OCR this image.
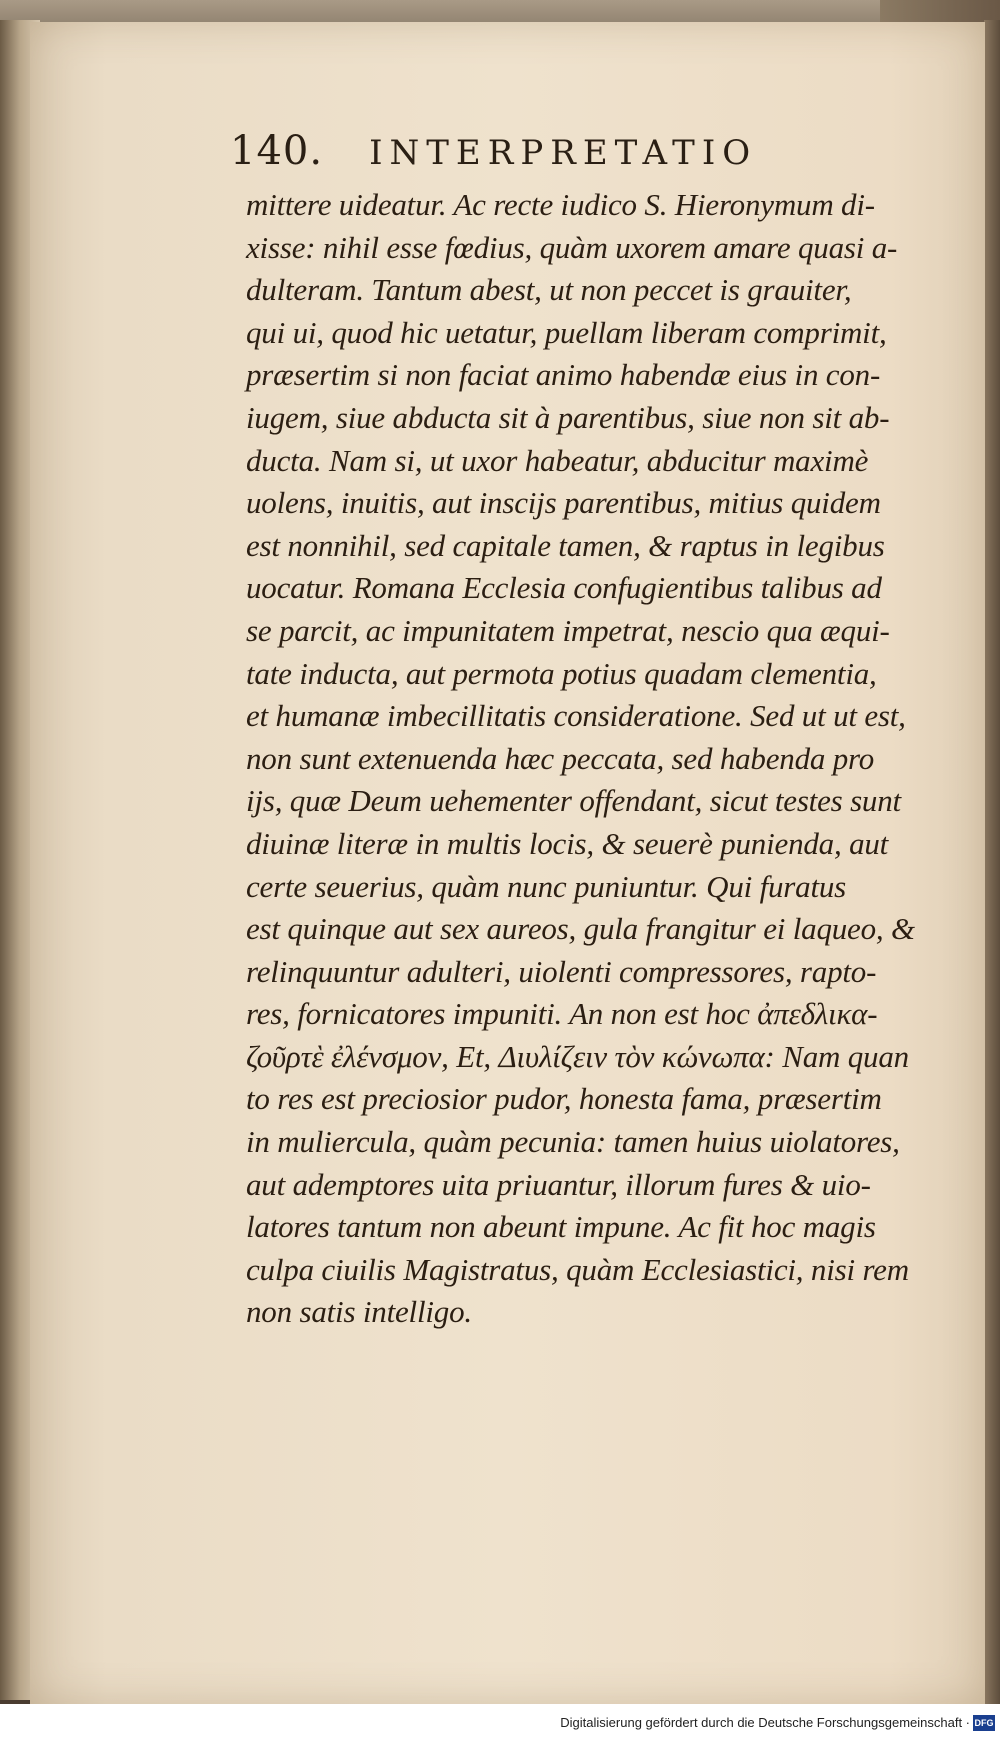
140. INTERPRETATIO
mittere uideatur. Ac recte iudico S. Hieronymum di-
xisse: nihil esse fœdius, quàm uxorem amare quasi a-
dulteram. Tantum abest, ut non peccet is grauiter,
qui ui, quod hic uetatur, puellam liberam comprimit,
præsertim si non faciat animo habendæ eius in con-
iugem, siue abducta sit à parentibus, siue non sit ab-
ducta. Nam si, ut uxor habeatur, abducitur maximè
uolens, inuitis, aut inscijs parentibus, mitius quidem
est nonnihil, sed capitale tamen, & raptus in legibus
uocatur. Romana Ecclesia confugientibus talibus ad
se parcit, ac impunitatem impetrat, nescio qua æqui-
tate inducta, aut permota potius quadam clementia,
et humanæ imbecillitatis consideratione. Sed ut ut est,
non sunt extenuenda hæc peccata, sed habenda pro
ijs, quæ Deum uehementer offendant, sicut testes sunt
diuinæ literæ in multis locis, & seuerè punienda, aut
certe seuerius, quàm nunc puniuntur. Qui furatus
est quinque aut sex aureos, gula frangitur ei laqueo, &
relinquuntur adulteri, uiolenti compressores, rapto-
res, fornicatores impuniti. An non est hoc ἀπεδλικα-
ζοῦρτὲ ἐλένσμον, Et, Διυλίζειν τὸν κώνωπα: Nam quan
to res est preciosior pudor, honesta fama, præsertim
in muliercula, quàm pecunia: tamen huius uiolatores,
aut ademptores uita priuantur, illorum fures & uio-
latores tantum non abeunt impune. Ac fit hoc magis
culpa ciuilis Magistratus, quàm Ecclesiastici, nisi rem
non satis intelligo.
Digitalisierung gefördert durch die Deutsche Forschungsgemeinschaft · DFG
